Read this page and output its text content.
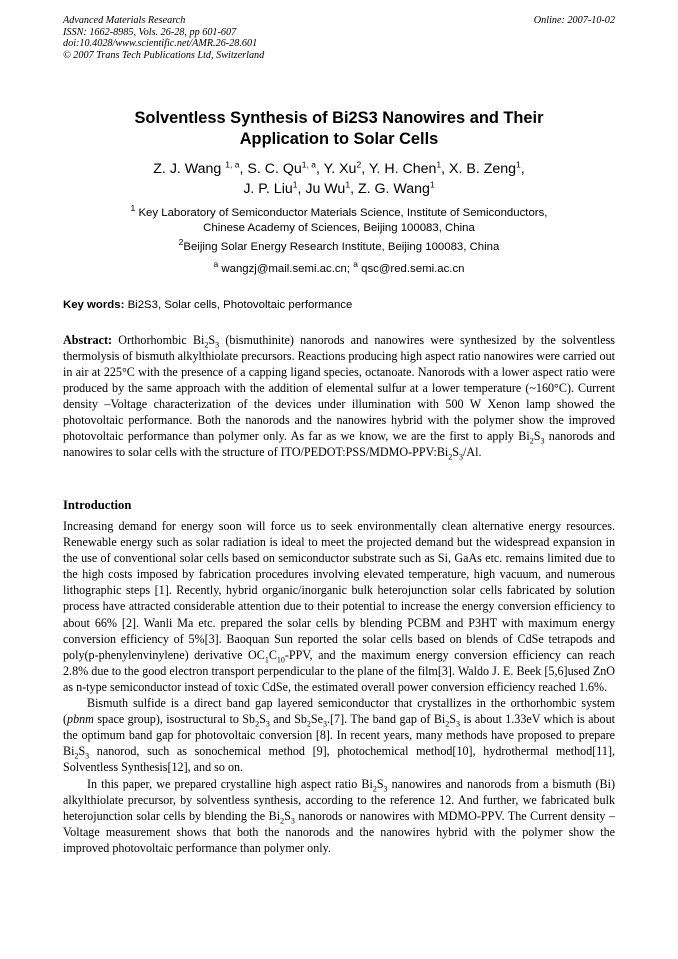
Advanced Materials Research
ISSN: 1662-8985, Vols. 26-28, pp 601-607
doi:10.4028/www.scientific.net/AMR.26-28.601
© 2007 Trans Tech Publications Ltd, Switzerland
Online: 2007-10-02
Solventless Synthesis of Bi2S3 Nanowires and Their
Application to Solar Cells
Z. J. Wang $^{1, a}$, S. C. Qu$^{1, a}$, Y. Xu$^2$, Y. H. Chen$^1$, X. B. Zeng$^1$,
J. P. Liu$^1$, Ju Wu$^1$, Z. G. Wang$^1$
$^1$ Key Laboratory of Semiconductor Materials Science, Institute of Semiconductors,
Chinese Academy of Sciences, Beijing 100083, China
$^2$Beijing Solar Energy Research Institute, Beijing 100083, China
$^a$ wangzj@mail.semi.ac.cn; $^a$ qsc@red.semi.ac.cn
Key words: Bi2S3, Solar cells, Photovoltaic performance
Abstract: Orthorhombic $Bi_2S_3$ (bismuthinite) nanorods and nanowires were synthesized by the solventless thermolysis of bismuth alkylthiolate precursors. Reactions producing high aspect ratio nanowires were carried out in air at 225°C with the presence of a capping ligand species, octanoate. Nanorods with a lower aspect ratio were produced by the same approach with the addition of elemental sulfur at a lower temperature (~160°C). Current density –Voltage characterization of the devices under illumination with 500 W Xenon lamp showed the photovoltaic performance. Both the nanorods and the nanowires hybrid with the polymer show the improved photovoltaic performance than polymer only. As far as we know, we are the first to apply $Bi_2S_3$ nanorods and nanowires to solar cells with the structure of ITO/$PEDOT:PSS/MDMO-PPV:Bi_2S_3/Al$.
Introduction

Increasing demand for energy soon will force us to seek environmentally clean alternative energy resources. Renewable energy such as solar radiation is ideal to meet the projected demand but the widespread expansion in the use of conventional solar cells based on semiconductor substrate such as Si, GaAs etc. remains limited due to the high costs imposed by fabrication procedures involving elevated temperature, high vacuum, and numerous lithographic steps [1]. Recently, hybrid organic/inorganic bulk heterojunction solar cells fabricated by solution process have attracted considerable attention due to their potential to increase the energy conversion efficiency to about 66% [2]. Wanli Ma etc. prepared the solar cells by blending PCBM and P3HT with maximum energy conversion efficiency of 5%[3]. Baoquan Sun reported the solar cells based on blends of CdSe tetrapods and poly(p-phenylenvinylene) derivative $OC_1C_{10}$-PPV, and the maximum energy conversion efficiency can reach 2.8% due to the good electron transport perpendicular to the plane of the film[3]. Waldo J. E. Beek [5,6]used ZnO as n-type semiconductor instead of toxic CdSe, the estimated overall power conversion efficiency reached 1.6%.

Bismuth sulfide is a direct band gap layered semiconductor that crystallizes in the orthorhombic system (pbnm space group), isostructural to $Sb_2S_3$ and $Sb_2Se_3.[7]$. The band gap of $Bi_2S_3$ is about 1.33eV which is about the optimum band gap for photovoltaic conversion [8]. In recent years, many methods have proposed to prepare $Bi_2S_3$ nanorod, such as sonochemical method [9], photochemical method[10], hydrothermal method[11], Solventless Synthesis[12], and so on.

In this paper, we prepared crystalline high aspect ratio $Bi_2S_3$ nanowires and nanorods from a bismuth (Bi) alkylthiolate precursor, by solventless synthesis, according to the reference 12. And further, we fabricated bulk heterojunction solar cells by blending the $Bi_2S_3$ nanorods or nanowires with MDMO-PPV. The Current density –Voltage measurement shows that both the nanorods and the nanowires hybrid with the polymer show the improved photovoltaic performance than polymer only.
